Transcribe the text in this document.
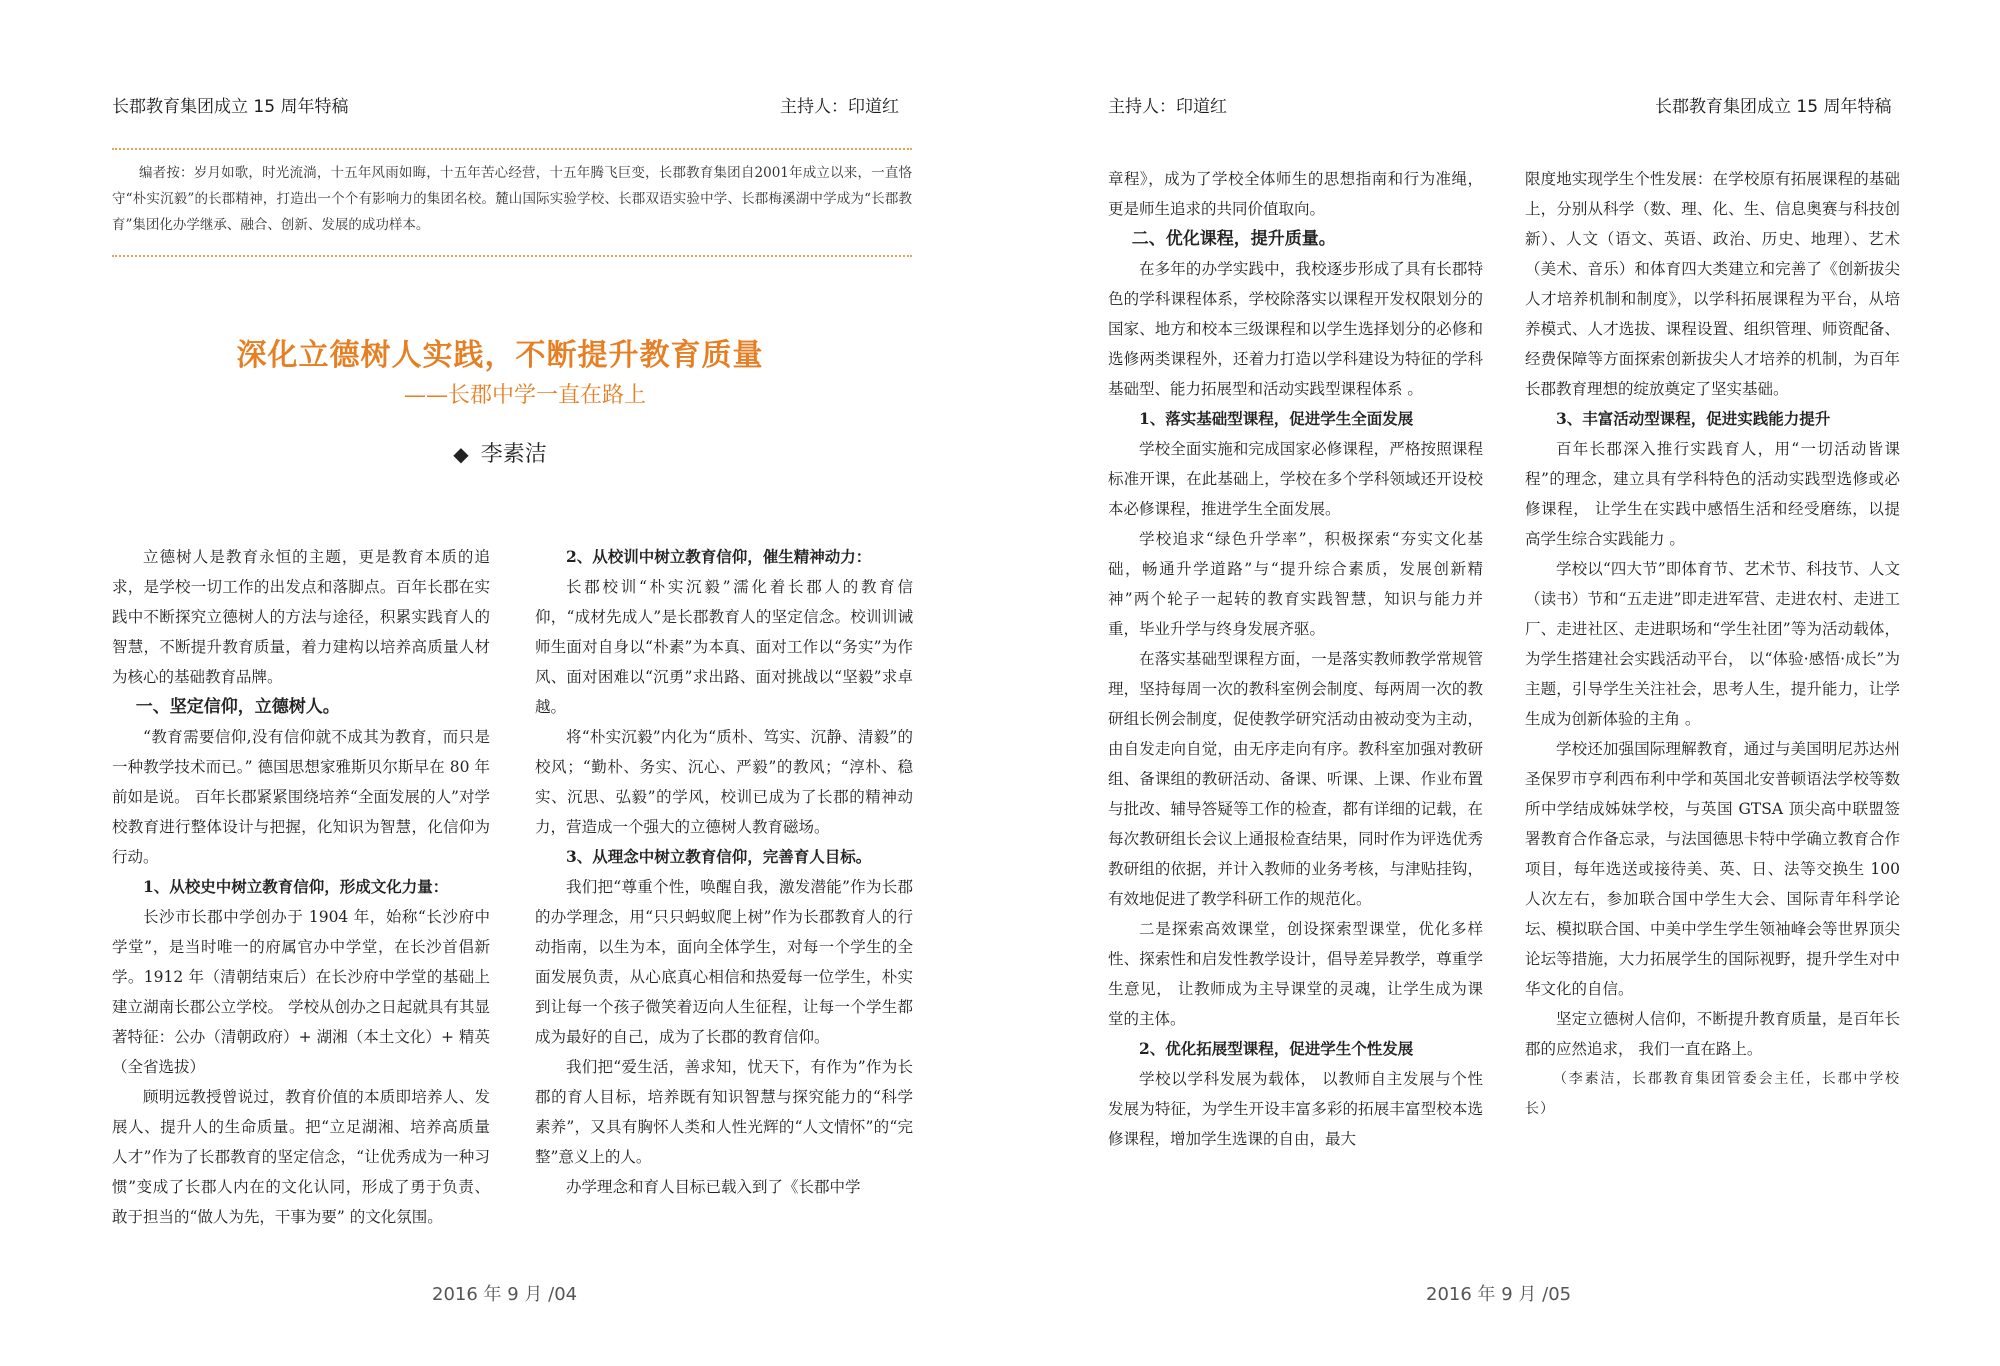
长郡教育集团成立 15 周年特稿	主持人：印道红
编者按：岁月如歌，时光流淌，十五年风雨如晦，十五年苦心经营，十五年腾飞巨变，长郡教育集团自2001年成立以来，一直恪守“朴实沉毅”的长郡精神，打造出一个个有影响力的集团名校。麓山国际实验学校、长郡双语实验中学、长郡梅溪湖中学成为“长郡教育”集团化办学继承、融合、创新、发展的成功样本。
深化立德树人实践，不断提升教育质量
——长郡中学一直在路上
◆ 李素洁

立德树人是教育永恒的主题，更是教育本质的追求，是学校一切工作的出发点和落脚点。百年长郡在实践中不断探究立德树人的方法与途径，积累实践育人的智慧，不断提升教育质量，着力建构以培养高质量人材为核心的基础教育品牌。

一、坚定信仰，立德树人。

“教育需要信仰,没有信仰就不成其为教育，而只是一种教学技术而已。” 德国思想家雅斯贝尔斯早在 80 年前如是说。 百年长郡紧紧围绕培养“全面发展的人”对学校教育进行整体设计与把握，化知识为智慧，化信仰为行动。

1、从校史中树立教育信仰，形成文化力量：

长沙市长郡中学创办于 1904 年，始称“长沙府中学堂”，是当时唯一的府属官办中学堂，在长沙首倡新学。1912 年（清朝结束后）在长沙府中学堂的基础上建立湖南长郡公立学校。 学校从创办之日起就具有其显著特征：公办（清朝政府）+ 湖湘（本土文化）+ 精英（全省选拔）

顾明远教授曾说过，教育价值的本质即培养人、发展人、提升人的生命质量。把“立足湖湘、培养高质量人才”作为了长郡教育的坚定信念，“让优秀成为一种习惯”变成了长郡人内在的文化认同，形成了勇于负责、敢于担当的“做人为先，干事为要” 的文化氛围。

2、从校训中树立教育信仰，催生精神动力：

长郡校训“朴实沉毅”濡化着长郡人的教育信仰，“成材先成人”是长郡教育人的坚定信念。校训训诫师生面对自身以“朴素”为本真、面对工作以“务实”为作风、面对困难以“沉勇”求出路、面对挑战以“坚毅”求卓越。

将“朴实沉毅”内化为“质朴、笃实、沉静、清毅”的校风；“勤朴、务实、沉心、严毅”的教风；“淳朴、稳实、沉思、弘毅”的学风，校训已成为了长郡的精神动力，营造成一个强大的立德树人教育磁场。

3、从理念中树立教育信仰，完善育人目标。

我们把“尊重个性，唤醒自我，激发潜能”作为长郡的办学理念，用“只只蚂蚁爬上树”作为长郡教育人的行动指南，以生为本，面向全体学生，对每一个学生的全面发展负责，从心底真心相信和热爱每一位学生，朴实到让每一个孩子微笑着迈向人生征程，让每一个学生都成为最好的自己，成为了长郡的教育信仰。

我们把“爱生活，善求知，忧天下，有作为”作为长郡的育人目标，培养既有知识智慧与探究能力的“科学素养”，又具有胸怀人类和人性光辉的“人文情怀”的“完整”意义上的人。

办学理念和育人目标已载入到了《长郡中学

2016 年 9 月 /04
主持人：印道红	长郡教育集团成立 15 周年特稿

章程》，成为了学校全体师生的思想指南和行为准绳，更是师生追求的共同价值取向。

二、优化课程，提升质量。

在多年的办学实践中，我校逐步形成了具有长郡特色的学科课程体系，学校除落实以课程开发权限划分的国家、地方和校本三级课程和以学生选择划分的必修和选修两类课程外，还着力打造以学科建设为特征的学科基础型、能力拓展型和活动实践型课程体系 。

1、落实基础型课程，促进学生全面发展

学校全面实施和完成国家必修课程，严格按照课程标准开课，在此基础上，学校在多个学科领域还开设校本必修课程，推进学生全面发展。

学校追求“绿色升学率”，积极探索“夯实文化基础，畅通升学道路”与“提升综合素质，发展创新精神”两个轮子一起转的教育实践智慧，知识与能力并重，毕业升学与终身发展齐驱。

在落实基础型课程方面，一是落实教师教学常规管理，坚持每周一次的教科室例会制度、每两周一次的教研组长例会制度，促使教学研究活动由被动变为主动，由自发走向自觉，由无序走向有序。教科室加强对教研组、备课组的教研活动、备课、听课、上课、作业布置与批改、辅导答疑等工作的检查，都有详细的记载，在每次教研组长会议上通报检查结果，同时作为评选优秀教研组的依据，并计入教师的业务考核，与津贴挂钩，有效地促进了教学科研工作的规范化。

二是探索高效课堂，创设探索型课堂，优化多样性、探索性和启发性教学设计，倡导差异教学，尊重学生意见， 让教师成为主导课堂的灵魂，让学生成为课堂的主体。

2、优化拓展型课程，促进学生个性发展

学校以学科发展为载体， 以教师自主发展与个性发展为特征，为学生开设丰富多彩的拓展丰富型校本选修课程，增加学生选课的自由，最大

限度地实现学生个性发展：在学校原有拓展课程的基础上，分别从科学（数、理、化、生、信息奥赛与科技创新）、人文（语文、英语、政治、历史、地理）、艺术（美术、音乐）和体育四大类建立和完善了《创新拔尖人才培养机制和制度》，以学科拓展课程为平台，从培养模式、人才选拔、课程设置、组织管理、师资配备、经费保障等方面探索创新拔尖人才培养的机制，为百年长郡教育理想的绽放奠定了坚实基础。

3、丰富活动型课程，促进实践能力提升

百年长郡深入推行实践育人，用“一切活动皆课程”的理念，建立具有学科特色的活动实践型选修或必修课程， 让学生在实践中感悟生活和经受磨练，以提高学生综合实践能力 。

学校以“四大节”即体育节、艺术节、科技节、人文（读书）节和“五走进”即走进军营、走进农村、走进工厂、走进社区、走进职场和“学生社团”等为活动载体，为学生搭建社会实践活动平台， 以“体验·感悟·成长”为主题，引导学生关注社会，思考人生，提升能力，让学生成为创新体验的主角 。

学校还加强国际理解教育，通过与美国明尼苏达州圣保罗市亨利西布利中学和英国北安普顿语法学校等数所中学结成姊妹学校，与英国 GTSA 顶尖高中联盟签署教育合作备忘录，与法国德思卡特中学确立教育合作项目，每年选送或接待美、英、日、法等交换生 100 人次左右，参加联合国中学生大会、国际青年科学论坛、模拟联合国、中美中学生学生领袖峰会等世界顶尖论坛等措施，大力拓展学生的国际视野，提升学生对中华文化的自信。

坚定立德树人信仰，不断提升教育质量，是百年长郡的应然追求， 我们一直在路上。

（李素洁，长郡教育集团管委会主任，长郡中学校长）

2016 年 9 月 /05
